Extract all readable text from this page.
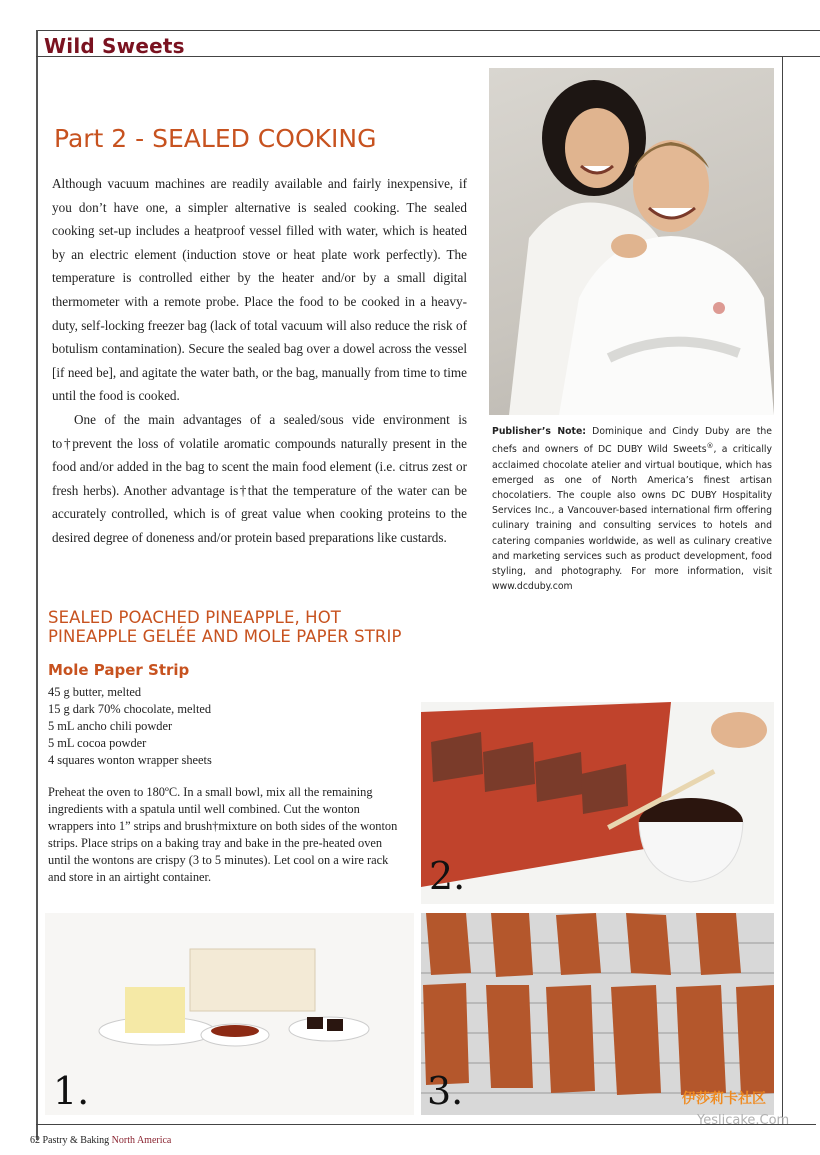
Wild Sweets
Part 2 - SEALED COOKING

Although vacuum machines are readily available and fairly inexpensive, if you don’t have one, a simpler alternative is sealed cooking. The sealed cooking set-up includes a heatproof vessel filled with water, which is heated by an electric element (induction stove or heat plate work perfectly). The temperature is controlled either by the heater and/or by a small digital thermometer with a remote probe. Place the food to be cooked in a heavy-duty, self-locking freezer bag (lack of total vacuum will also reduce the risk of botulism contamination). Secure the sealed bag over a dowel across the vessel [if need be], and agitate the water bath, or the bag, manually from time to time until the food is cooked.

One of the main advantages of a sealed/sous vide environment is to†prevent the loss of volatile aromatic compounds naturally present in the food and/or added in the bag to scent the main food element (i.e. citrus zest or fresh herbs). Another advantage is†that the temperature of the water can be accurately controlled, which is of great value when cooking proteins to the desired degree of doneness and/or protein based preparations like custards.

Publisher’s Note: Dominique and Cindy Duby are the chefs and owners of DC DUBY Wild Sweets®, a critically acclaimed chocolate atelier and virtual boutique, which has emerged as one of North America’s finest artisan chocolatiers. The couple also owns DC DUBY Hospitality Services Inc., a Vancouver-based international firm offering culinary training and consulting services to hotels and catering companies worldwide, as well as culinary creative and marketing services such as product development, food styling, and photography. For more information, visit www.dcduby.com
SEALED POACHED PINEAPPLE, HOT
PINEAPPLE GELÉE AND MOLE PAPER STRIP
Mole Paper Strip
45 g butter, melted
15 g dark 70% chocolate, melted
5 mL ancho chili powder
5 mL cocoa powder
4 squares wonton wrapper sheets
Preheat the oven to 180ºC. In a small bowl, mix all the remaining ingredients with a spatula until well combined. Cut the wonton wrappers into 1” strips and brush†mixture on both sides of the wonton strips. Place strips on a baking tray and bake in the pre-heated oven until the wontons are crispy (3 to 5 minutes). Let cool on a wire rack and store in an airtight container.	2.
1.	3.
62 Pastry & Baking North America
伊莎莉卡社区
Yeslicake.Com
